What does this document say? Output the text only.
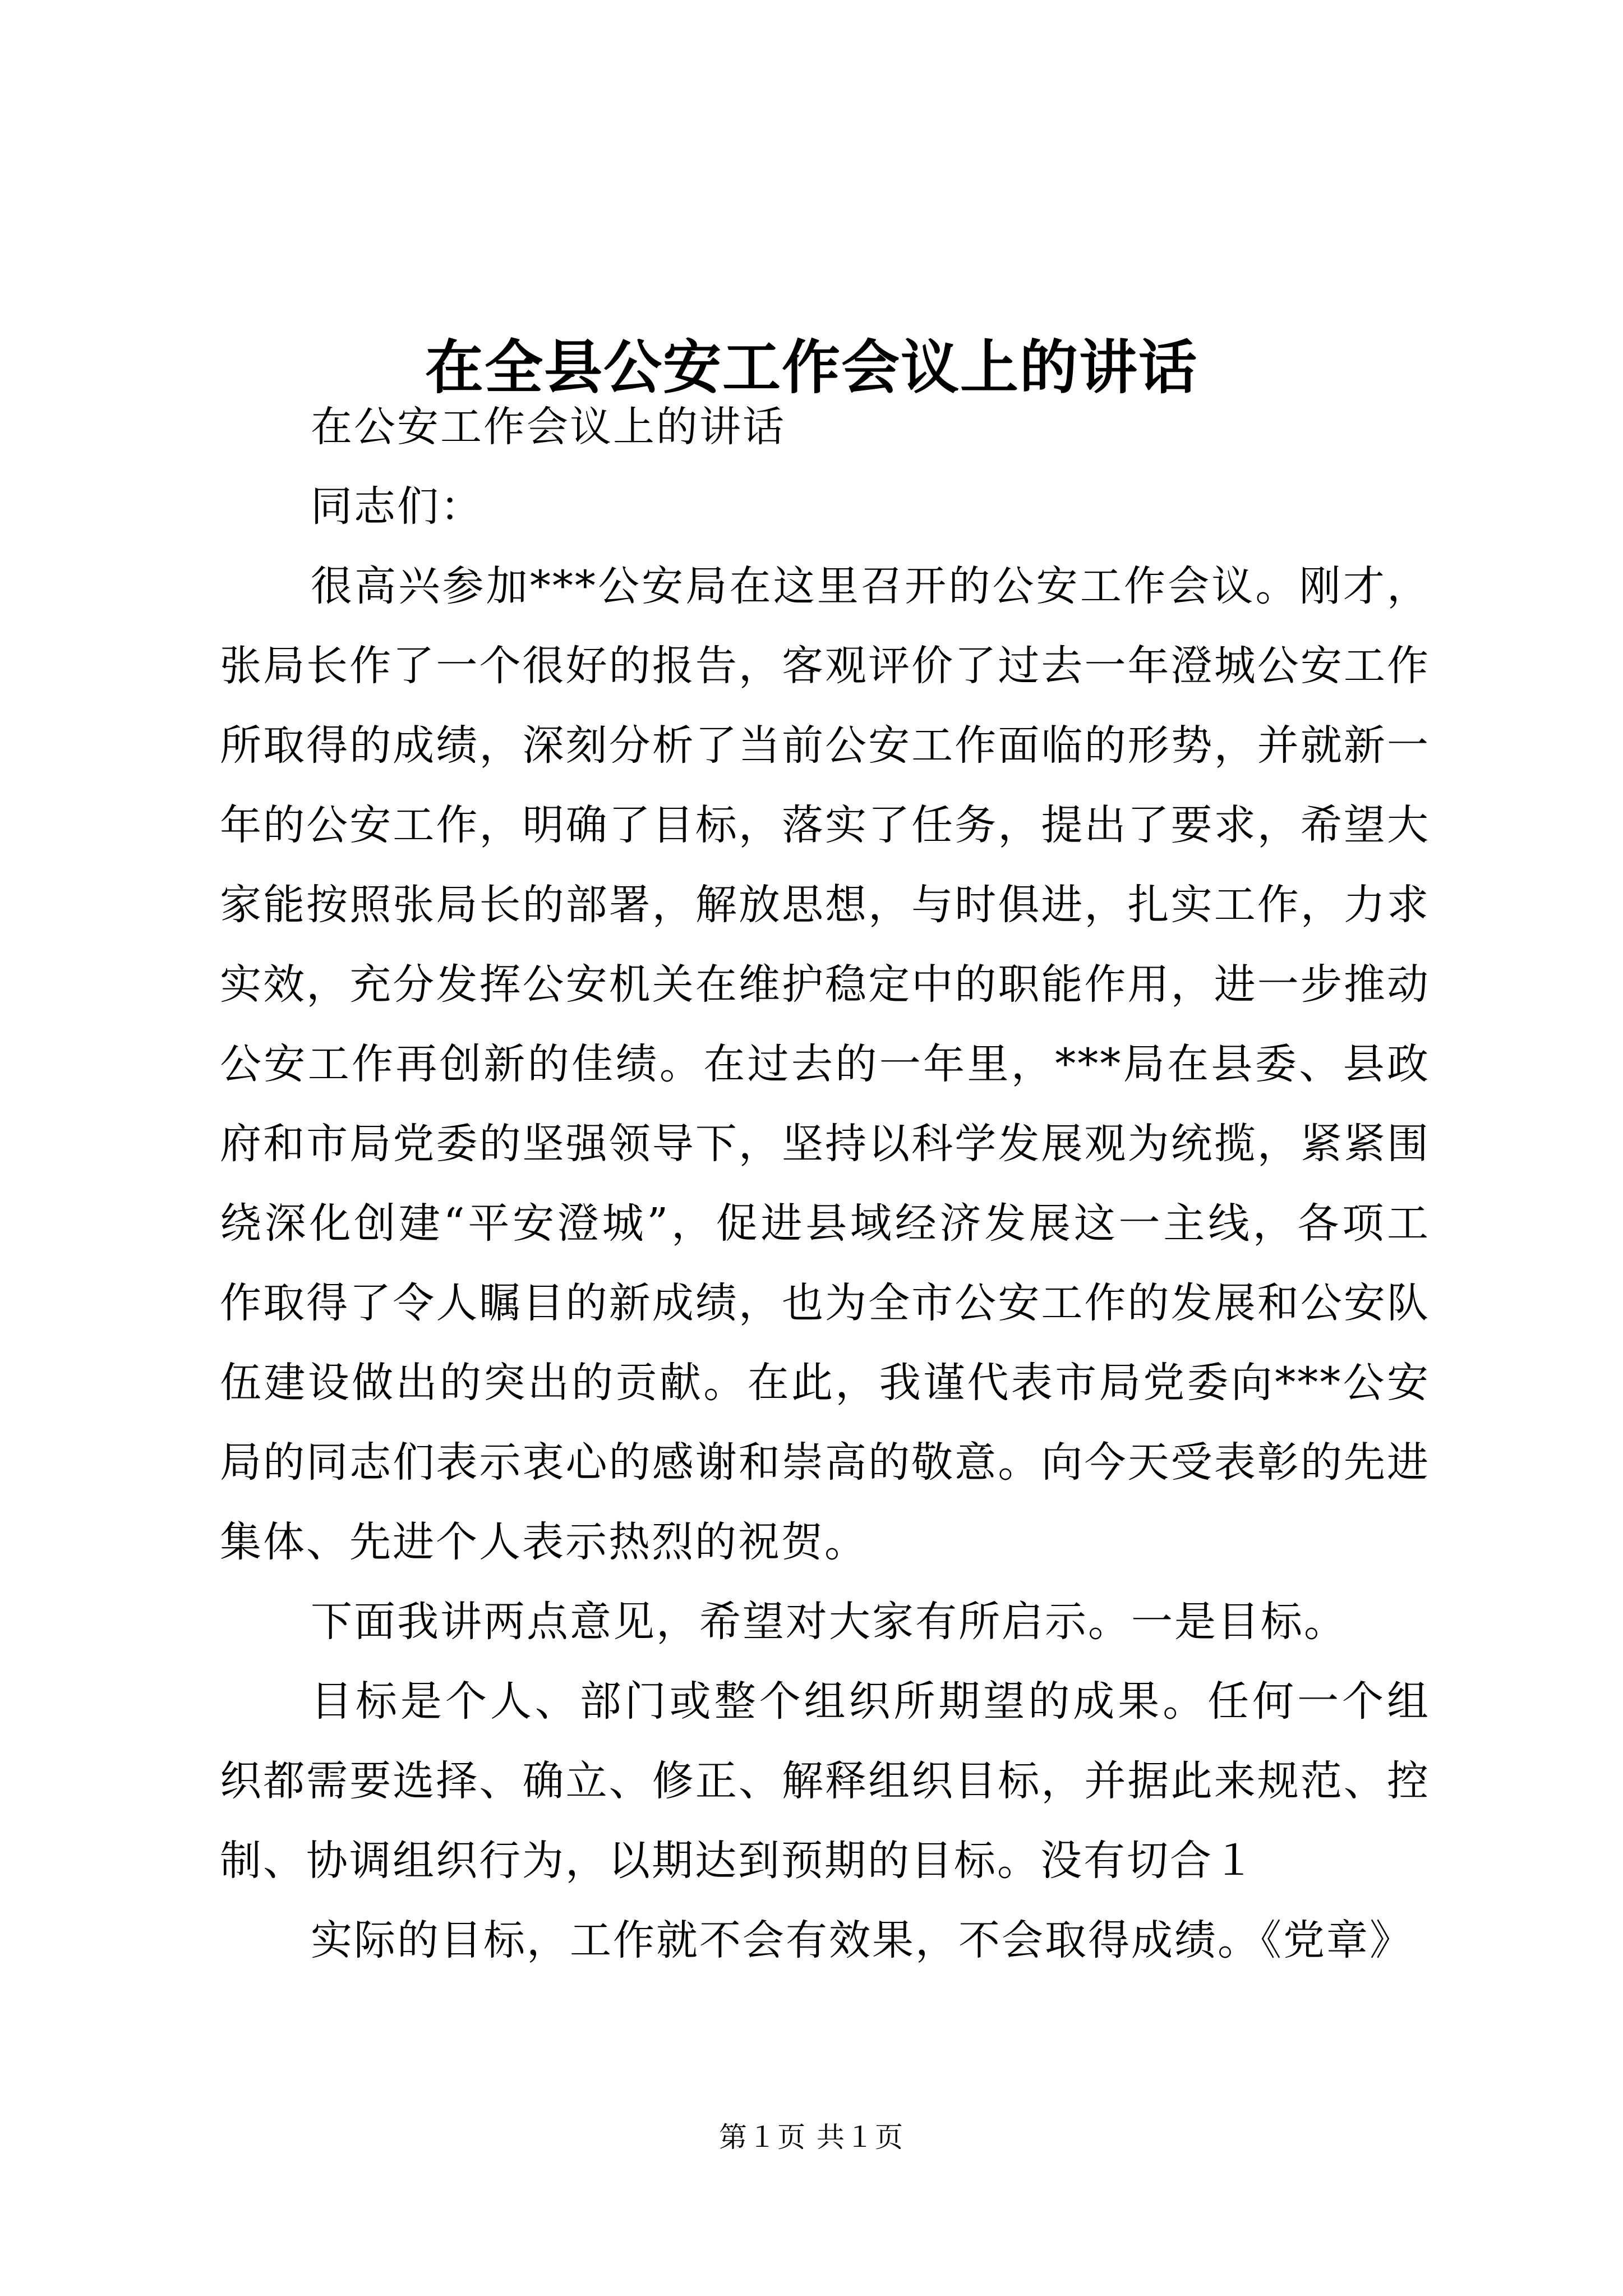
在全县公安工作会议上的讲话

在公安工作会议上的讲话

同志们：

很高兴参加***公安局在这里召开的公安工作会议。刚才，张局长作了一个很好的报告，客观评价了过去一年澄城公安工作所取得的成绩，深刻分析了当前公安工作面临的形势，并就新一年的公安工作，明确了目标，落实了任务，提出了要求，希望大家能按照张局长的部署，解放思想，与时俱进，扎实工作，力求实效，充分发挥公安机关在维护稳定中的职能作用，进一步推动公安工作再创新的佳绩。在过去的一年里，***局在县委、县政府和市局党委的坚强领导下，坚持以科学发展观为统揽，紧紧围绕深化创建“平安澄城”，促进县域经济发展这一主线，各项工作取得了令人瞩目的新成绩，也为全市公安工作的发展和公安队伍建设做出的突出的贡献。在此，我谨代表市局党委向***公安局的同志们表示衷心的感谢和崇高的敬意。向今天受表彰的先进集体、先进个人表示热烈的祝贺。

下面我讲两点意见，希望对大家有所启示。一是目标。

目标是个人、部门或整个组织所期望的成果。任何一个组织都需要选择、确立、修正、解释组织目标，并据此来规范、控制、协调组织行为，以期达到预期的目标。没有切合１

实际的目标，工作就不会有效果，不会取得成绩。《党章》

第１页 共１页
